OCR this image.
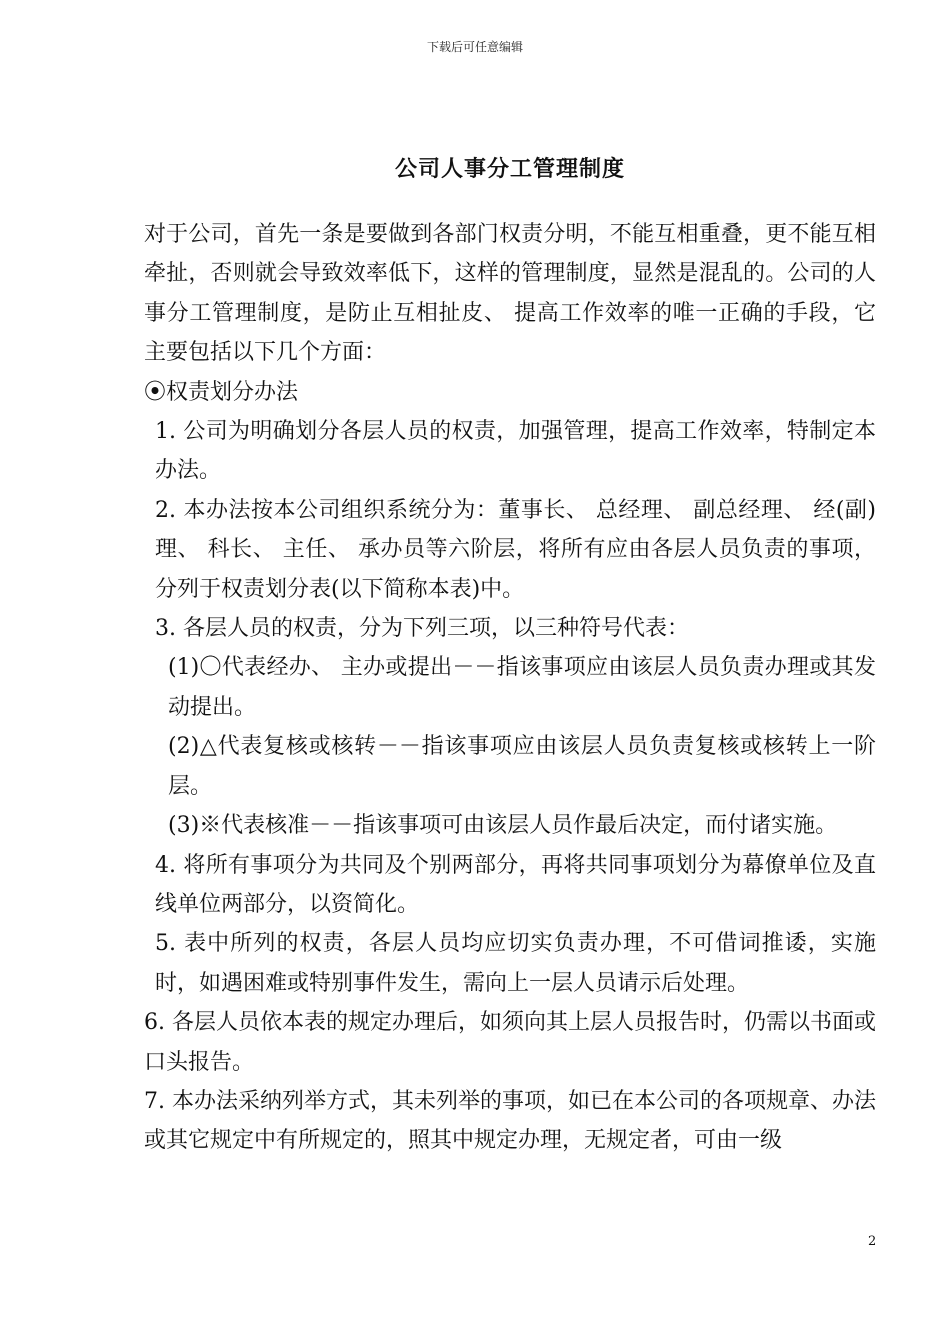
下载后可任意编辑
公司人事分工管理制度

对于公司，首先一条是要做到各部门权责分明，不能互相重叠，更不能互相牵扯，否则就会导致效率低下，这样的管理制度，显然是混乱的。公司的人事分工管理制度，是防止互相扯皮、 提高工作效率的唯一正确的手段，它主要包括以下几个方面：

⦿权责划分办法

1. 公司为明确划分各层人员的权责，加强管理，提高工作效率，特制定本办法。

2. 本办法按本公司组织系统分为：董事长、 总经理、 副总经理、 经(副)理、 科长、 主任、 承办员等六阶层，将所有应由各层人员负责的事项，分列于权责划分表(以下简称本表)中。

3. 各层人员的权责，分为下列三项，以三种符号代表：

(1)〇代表经办、 主办或提出－－指该事项应由该层人员负责办理或其发动提出。

(2)△代表复核或核转－－指该事项应由该层人员负责复核或核转上一阶层。

(3)※代表核准－－指该事项可由该层人员作最后决定，而付诸实施。

4. 将所有事项分为共同及个别两部分，再将共同事项划分为幕僚单位及直线单位两部分，以资简化。

5. 表中所列的权责，各层人员均应切实负责办理，不可借词推诿，实施时，如遇困难或特别事件发生，需向上一层人员请示后处理。

6. 各层人员依本表的规定办理后，如须向其上层人员报告时，仍需以书面或口头报告。

7. 本办法采纳列举方式，其未列举的事项，如已在本公司的各项规章、办法或其它规定中有所规定的，照其中规定办理，无规定者，可由一级

2
